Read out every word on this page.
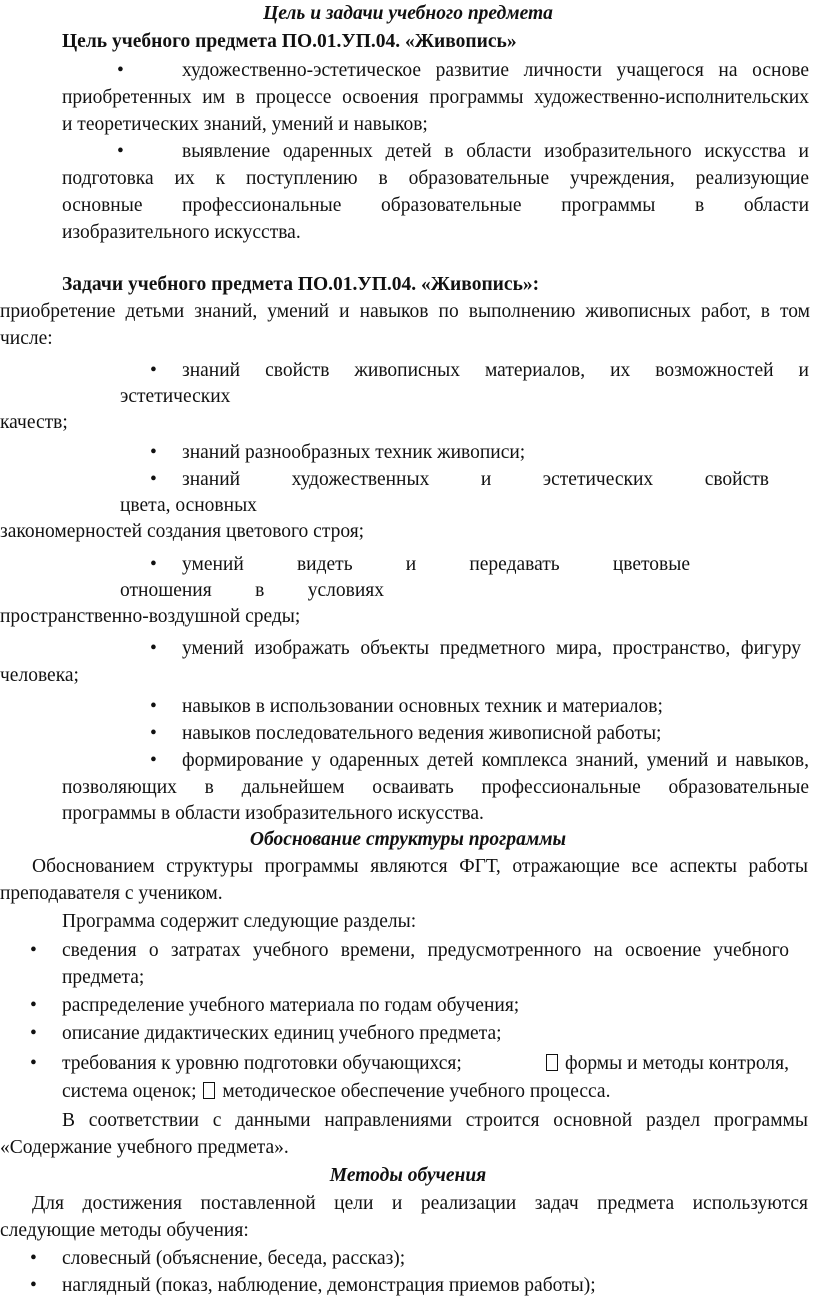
Цель и задачи учебного предмета
Цель учебного предмета ПО.01.УП.04. «Живопись»
•	художественно-эстетическое развитие личности учащегося на основе
приобретенных им в процессе освоения программы художественно-исполнительских
и теоретических знаний, умений и навыков;
•	выявление одаренных детей в области изобразительного искусства и
подготовка их к поступлению в образовательные учреждения, реализующие
основные профессиональные образовательные программы в области
изобразительного искусства.
Задачи учебного предмета ПО.01.УП.04. «Живопись»:
приобретение детьми знаний, умений и навыков по выполнению живописных работ, в том
числе:
• знаний свойств живописных материалов, их возможностей и
эстетических
качеств;
• знаний разнообразных техник живописи;
• знаний художественных и эстетических свойств
цвета, основных
закономерностей создания цветового строя;
• умений видеть и передавать цветовые
отношения в условиях
пространственно-воздушной среды;
• умений изображать объекты предметного мира, пространство, фигуру
человека;
• навыков в использовании основных техник и материалов;
• навыков последовательного ведения живописной работы;
• формирование у одаренных детей комплекса знаний, умений и навыков,
позволяющих в дальнейшем осваивать профессиональные образовательные
программы в области изобразительного искусства.
Обоснование структуры программы
Обоснованием структуры программы являются ФГТ, отражающие все аспекты работы
преподавателя с учеником.
Программа содержит следующие разделы:
• сведения о затратах учебного времени, предусмотренного на освоение учебного
предмета;
• распределение учебного материала по годам обучения;
• описание дидактических единиц учебного предмета;
• требования к уровню подготовки обучающихся;	формы и методы контроля,
система оценок; методическое обеспечение учебного процесса.
В соответствии с данными направлениями строится основной раздел программы
«Содержание учебного предмета».
Методы обучения
Для достижения поставленной цели и реализации задач предмета используются
следующие методы обучения:
• словесный (объяснение, беседа, рассказ);
• наглядный (показ, наблюдение, демонстрация приемов работы);
